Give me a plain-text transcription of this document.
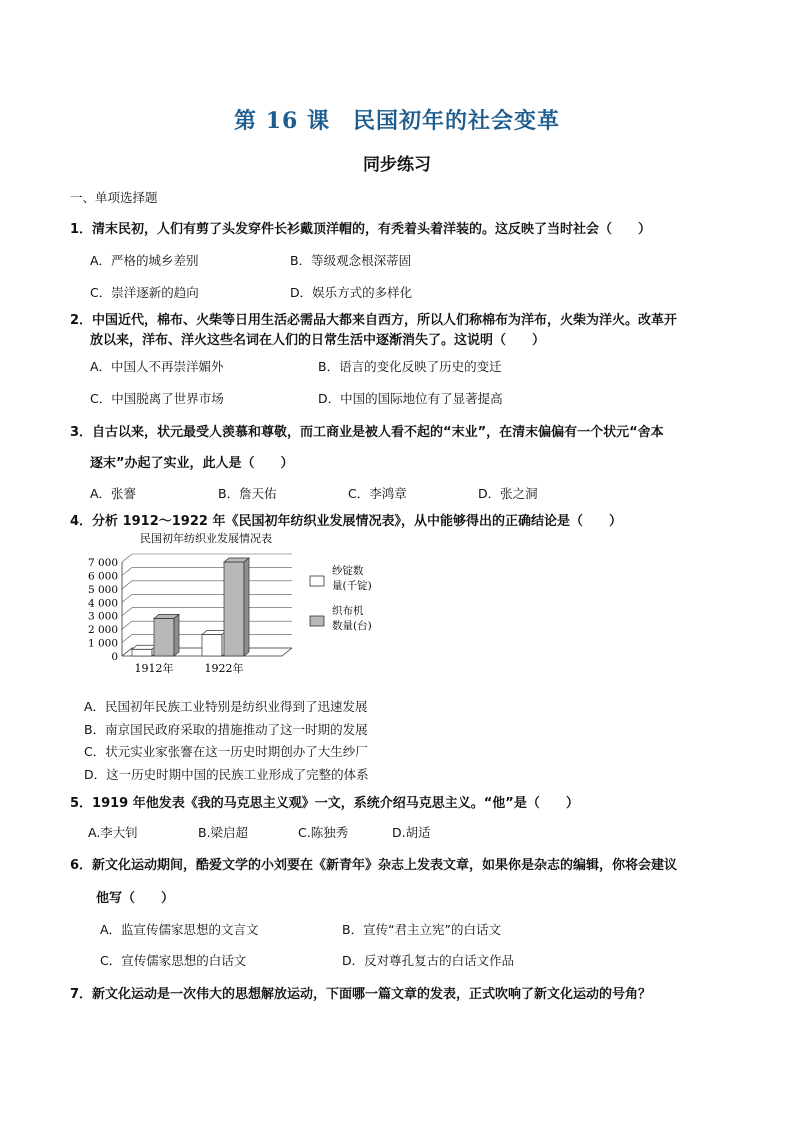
第 16 课　民国初年的社会变革
同步练习
一、单项选择题
1．清末民初，人们有剪了头发穿件长衫戴顶洋帽的，有秃着头着洋装的。这反映了当时社会（　　）
A．严格的城乡差别	B．等级观念根深蒂固
C．崇洋逐新的趋向	D．娱乐方式的多样化
2．中国近代，棉布、火柴等日用生活必需品大都来自西方，所以人们称棉布为洋布，火柴为洋火。改革开
放以来，洋布、洋火这些名词在人们的日常生活中逐渐消失了。这说明（　　）
A．中国人不再崇洋媚外	B．语言的变化反映了历史的变迁
C．中国脱离了世界市场	D．中国的国际地位有了显著提高
3．自古以来，状元最受人羡慕和尊敬，而工商业是被人看不起的“末业”，在清末偏偏有一个状元“舍本
逐末”办起了实业，此人是（　　）
A．张謇	B．詹天佑	C．李鸿章	D．张之洞
4．分析 1912～1922 年《民国初年纺织业发展情况表》，从中能够得出的正确结论是（　　）
民国初年纺织业发展情况表
0
1 000
2 000
3 000
4 000
5 000
6 000
7 000
1912年	1922年
纱锭数
量(千锭)
织布机
数量(台)
A．民国初年民族工业特别是纺织业得到了迅速发展
B．南京国民政府采取的措施推动了这一时期的发展
C．状元实业家张謇在这一历史时期创办了大生纱厂
D．这一历史时期中国的民族工业形成了完整的体系
5．1919 年他发表《我的马克思主义观》一文，系统介绍马克思主义。“他”是（　　）
A.李大钊	B.梁启超	C.陈独秀	D.胡适
6．新文化运动期间，酷爱文学的小刘要在《新青年》杂志上发表文章，如果你是杂志的编辑，你将会建议
他写（　　）
A．监宣传儒家思想的文言文	B．宣传“君主立宪”的白话文
C．宣传儒家思想的白话文	D．反对尊孔复古的白话文作品
7．新文化运动是一次伟大的思想解放运动，下面哪一篇文章的发表，正式吹响了新文化运动的号角？
